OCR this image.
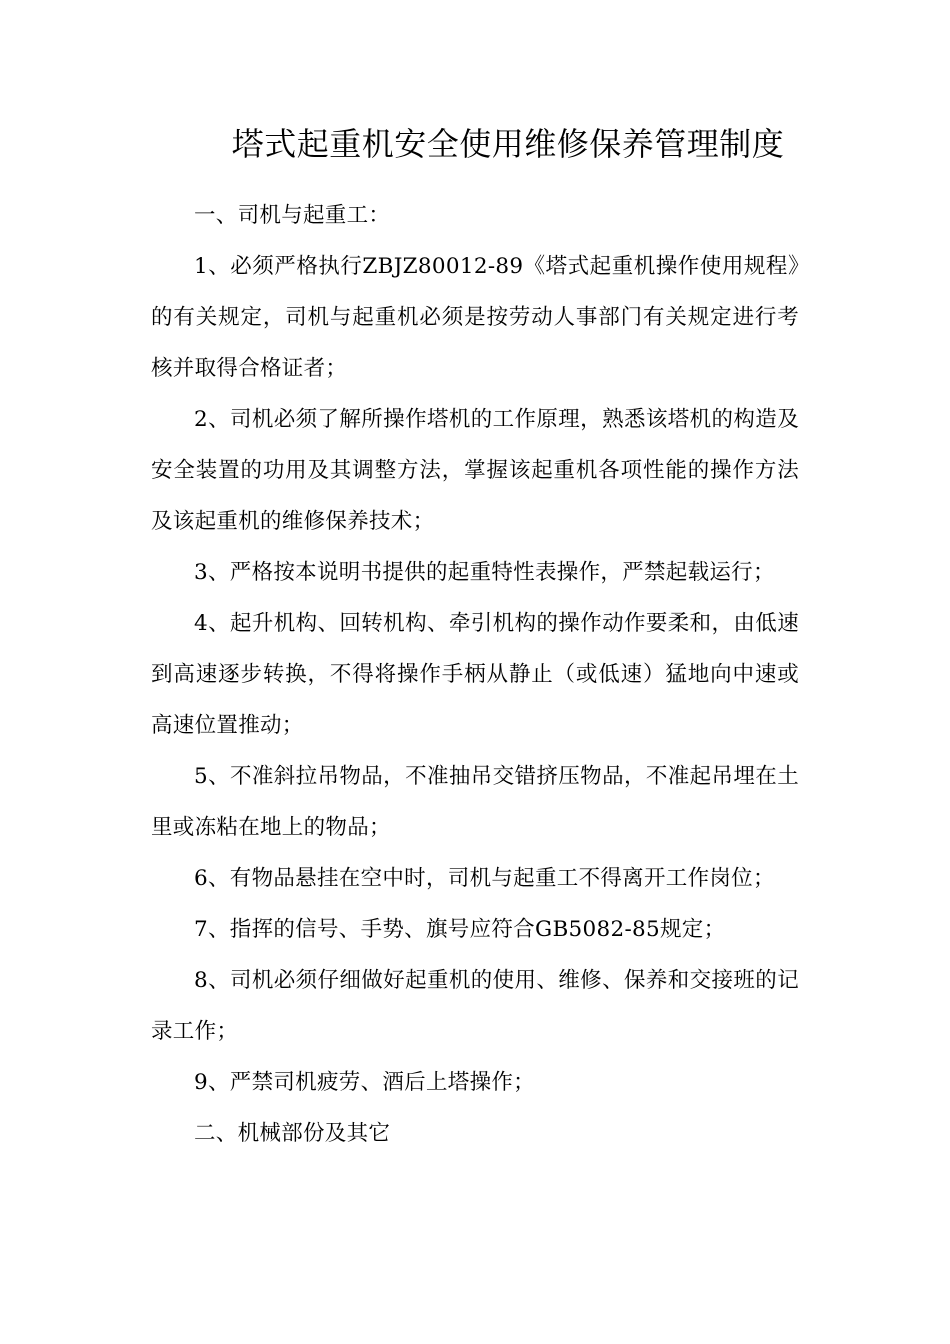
塔式起重机安全使用维修保养管理制度

一、司机与起重工：

1、必须严格执行ZBJZ80012-89《塔式起重机操作使用规程》的有关规定，司机与起重机必须是按劳动人事部门有关规定进行考核并取得合格证者；

2、司机必须了解所操作塔机的工作原理，熟悉该塔机的构造及安全装置的功用及其调整方法，掌握该起重机各项性能的操作方法及该起重机的维修保养技术；

3、严格按本说明书提供的起重特性表操作，严禁起载运行；

4、起升机构、回转机构、牵引机构的操作动作要柔和，由低速到高速逐步转换，不得将操作手柄从静止（或低速）猛地向中速或高速位置推动；

5、不准斜拉吊物品，不准抽吊交错挤压物品，不准起吊埋在土里或冻粘在地上的物品；

6、有物品悬挂在空中时，司机与起重工不得离开工作岗位；

7、指挥的信号、手势、旗号应符合GB5082-85规定；

8、司机必须仔细做好起重机的使用、维修、保养和交接班的记录工作；

9、严禁司机疲劳、酒后上塔操作；

二、机械部份及其它
